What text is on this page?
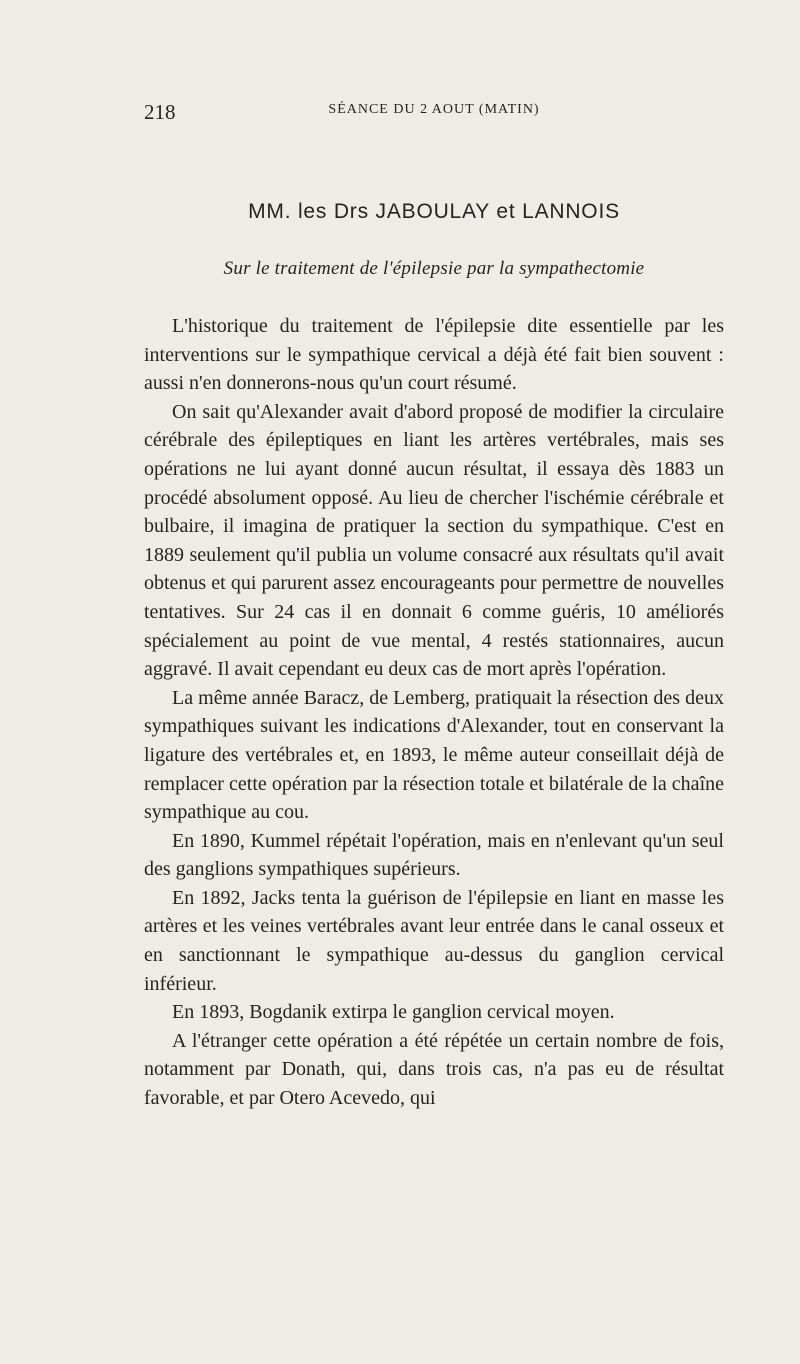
218	SÉANCE DU 2 AOUT (MATIN)
MM. les Drs JABOULAY et LANNOIS
Sur le traitement de l'épilepsie par la sympathectomie

L'historique du traitement de l'épilepsie dite essentielle par les interventions sur le sympathique cervical a déjà été fait bien souvent : aussi n'en donnerons-nous qu'un court résumé.

On sait qu'Alexander avait d'abord proposé de modifier la circulaire cérébrale des épileptiques en liant les artères vertébrales, mais ses opérations ne lui ayant donné aucun résultat, il essaya dès 1883 un procédé absolument opposé. Au lieu de chercher l'ischémie cérébrale et bulbaire, il imagina de pratiquer la section du sympathique. C'est en 1889 seulement qu'il publia un volume consacré aux résultats qu'il avait obtenus et qui parurent assez encourageants pour permettre de nouvelles tentatives. Sur 24 cas il en donnait 6 comme guéris, 10 améliorés spécialement au point de vue mental, 4 restés stationnaires, aucun aggravé. Il avait cependant eu deux cas de mort après l'opération.

La même année Baracz, de Lemberg, pratiquait la résection des deux sympathiques suivant les indications d'Alexander, tout en conservant la ligature des vertébrales et, en 1893, le même auteur conseillait déjà de remplacer cette opération par la résection totale et bilatérale de la chaîne sympathique au cou.

En 1890, Kummel répétait l'opération, mais en n'enlevant qu'un seul des ganglions sympathiques supérieurs.

En 1892, Jacks tenta la guérison de l'épilepsie en liant en masse les artères et les veines vertébrales avant leur entrée dans le canal osseux et en sanctionnant le sympathique au-dessus du ganglion cervical inférieur.

En 1893, Bogdanik extirpa le ganglion cervical moyen.

A l'étranger cette opération a été répétée un certain nombre de fois, notamment par Donath, qui, dans trois cas, n'a pas eu de résultat favorable, et par Otero Acevedo, qui
